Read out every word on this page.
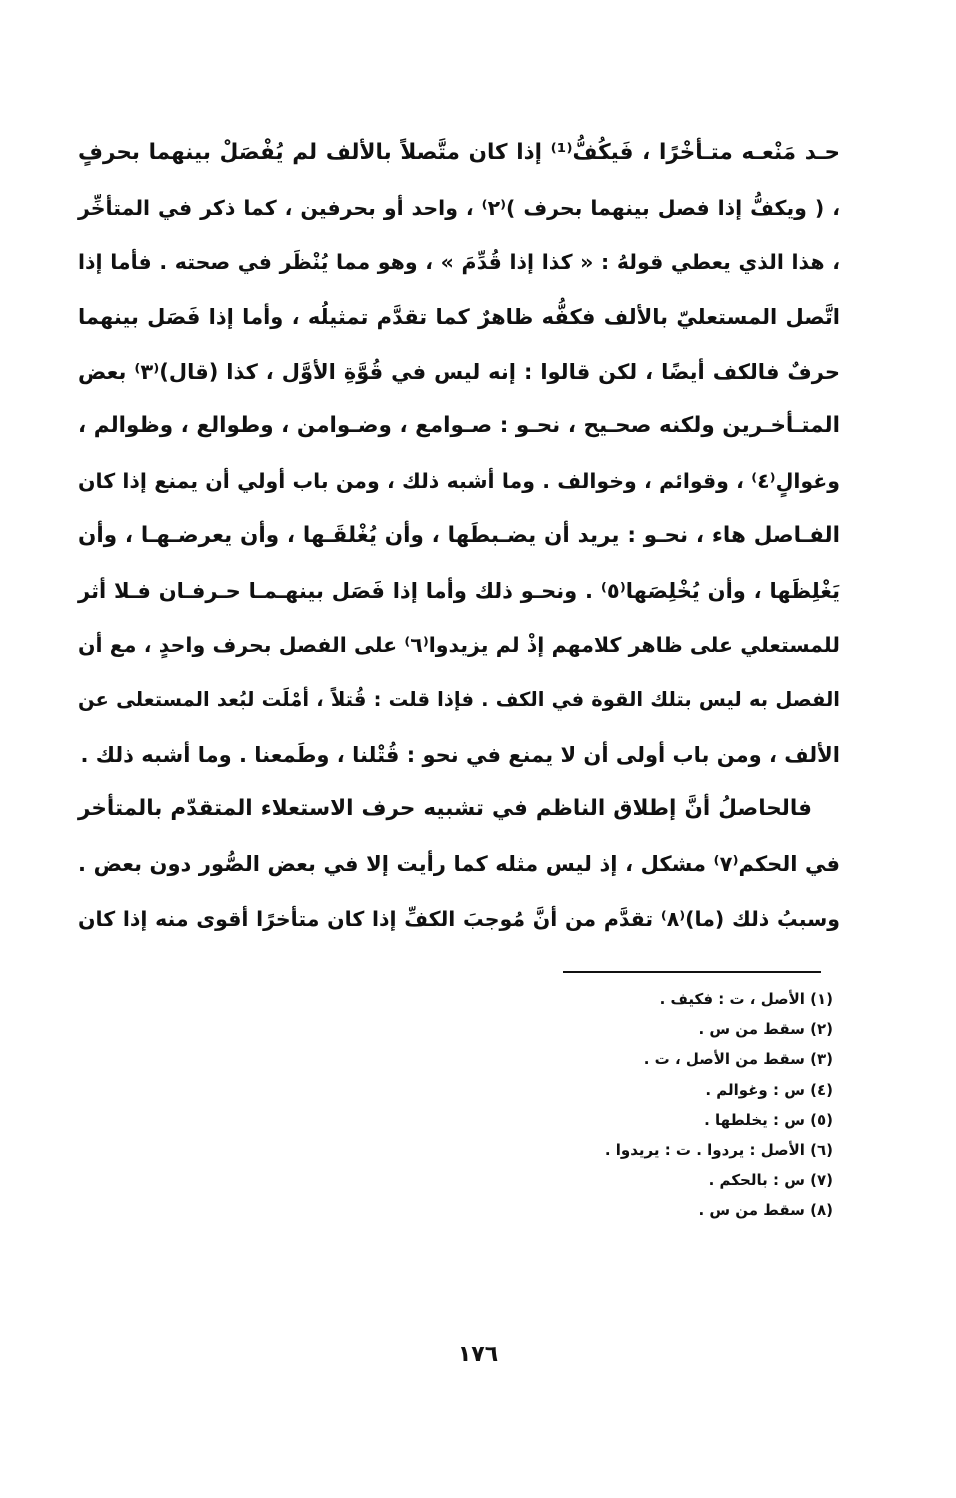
حـد مَنْعـه متـأخْرًا ، فَيكُفُّ⁽¹⁾ إذا كان متَّصلاً بالألف لم يُفْصَلْ بينهما بحرفٍ
، ( ويكفُّ إذا فصل بينهما بحرف )⁽٢⁾ ، واحد أو بحرفين ، كما ذكر في المتأخِّر
، هذا الذي يعطي قولهُ : « كذا إذا قُدِّمَ » ، وهو مما يُنْظَر في صحته . فأما إذا
اتَّصل المستعليّ بالألف فكفُّه ظاهرٌ كما تقدَّم تمثيلُه ، وأما إذا فَصَل بينهما
حرفٌ فالكف أيضًا ، لكن قالوا : إنه ليس في قُوَّةِ الأوَّل ، كذا (قال)⁽٣⁾ بعض
المتـأخـرين ولكنه صحـيح ، نحـو : صـوامع ، وضـوامن ، وطوالع ، وظوالم ،
وغوالٍ⁽٤⁾ ، وقوائم ، وخوالف . وما أشبه ذلك ، ومن باب أولي أن يمنع إذا كان
الفـاصل هاء ، نحـو : يريد أن يضـبطَها ، وأن يُغْلقَـها ، وأن يعرضـهـا ، وأن
يَغْلِظَها ، وأن يُخْلِصَها⁽٥⁾ . ونحـو ذلك وأما إذا فَصَل بينهـمـا حـرفـان فـلا أثر
للمستعلي على ظاهر كلامهم إذْ لم يزيدوا⁽٦⁾ على الفصل بحرف واحدٍ ، مع أن
الفصل به ليس بتلك القوة في الكف . فإذا قلت : قُتلاً ، أمْلَت لبُعد المستعلى عن
الألف ، ومن باب أولى أن لا يمنع في نحو : قُتْلنا ، وطَمعنا . وما أشبه ذلك .
فالحاصلُ أنَّ إطلاق الناظم في تشبيه حرف الاستعلاء المتقدّم بالمتأخر
في الحكم⁽٧⁾ مشكل ، إذ ليس مثله كما رأيت إلا في بعض الصُّور دون بعض .
وسببُ ذلك (ما)⁽٨⁾ تقدَّم من أنَّ مُوجبَ الكفِّ إذا كان متأخرًا أقوى منه إذا كان
(١) الأصل ، ت : فكيف .
(٢) سقط من س .
(٣) سقط من الأصل ، ت .
(٤) س : وغوالم .
(٥) س : يخلطها .
(٦) الأصل : يردوا . ت : يريدوا .
(٧) س : بالحكم .
(٨) سقط من س .
١٧٦
